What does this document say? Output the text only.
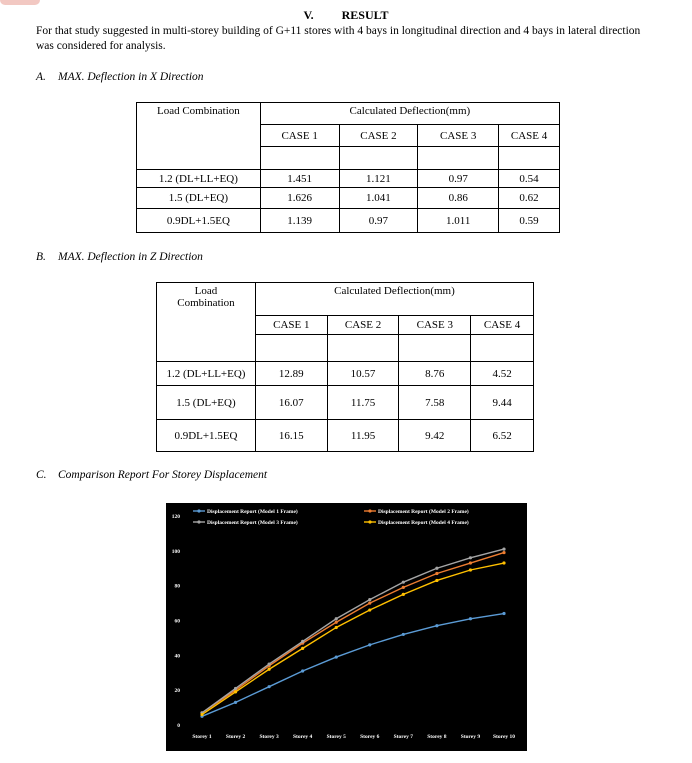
V. RESULT
For that study suggested in multi-storey building of G+11 stores with 4 bays in longitudinal direction and 4 bays in lateral direction was considered for analysis.
A. MAX. Deflection in X Direction
Load Combination	Calculated Deflection(mm)			
	CASE 1	CASE 2	CASE 3	CASE 4

1.2 (DL+LL+EQ)	1.451	1.121	0.97	0.54
1.5 (DL+EQ)	1.626	1.041	0.86	0.62
0.9DL+1.5EQ	1.139	0.97	1.011	0.59
B. MAX. Deflection in Z Direction
Load Combination	Calculated Deflection(mm)			
	CASE 1	CASE 2	CASE 3	CASE 4

1.2 (DL+LL+EQ)	12.89	10.57	8.76	4.52
1.5 (DL+EQ)	16.07	11.75	7.58	9.44
0.9DL+1.5EQ	16.15	11.95	9.42	6.52
C. Comparison Report For Storey Displacement
0
20
40
60
80
100
120
Storey 1	Storey 2	Storey 3	Storey 4	Storey 5	Storey 6	Storey 7	Storey 8	Storey 9 Storey 10
Displacement Report (Model 1 Frame)	Displacement Report (Model 2 Frame)
Displacement Report (Model 3 Frame)	Displacement Report (Model 4 Frame)
